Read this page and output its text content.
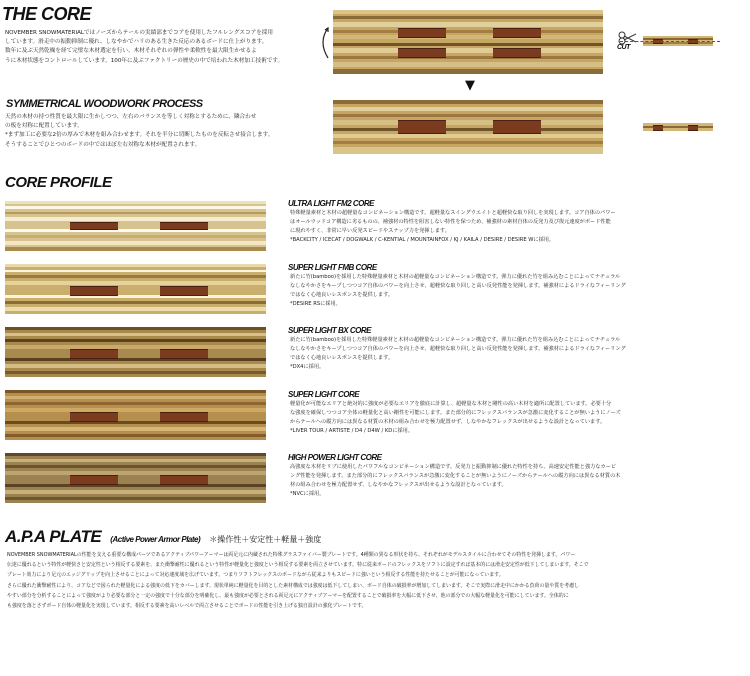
THE CORE
NOVEMBER SNOWMATERIALではノーズからテールの実績部までコアを使用したフルレングスコアを採用
しています。滑走中の振動抑制に優れ、しなやかでハリのある生きた反応のあるボードに仕上がります。
数年に及ぶ天然乾燥を経て完璧な木材選定を行い、木材それぞれの弾性や柔軟性を最大限生かせるよ
うに木材状態をコントロールしています。100年に及ぶファクトリーの歴史の中で培われた木材加工技術です。
CUT
▼
SYMMETRICAL WOODWORK PROCESS
天然の木材の持つ性質を最大限に生かしつつ、左右のバランスを等しく対称とするために、隣合わせ
の板を対称に配置しています。
*まず加工に必要な2倍の厚みで木材を組み合わせます。それを半分に切断したものを反転させ接合します。
そうすることでひとつのボードの中ではほぼ左右対称な木材が配置されます。
CORE PROFILE
ULTRA LIGHT FM2 CORE
特殊軽量素材と木材の超軽量なコンビネーション構造です。超軽量なスイングウエイトと超軽快な取り回しを実現します。コア自体のパワー
はオールウッドコア構造に劣るものの、補強材の特性を阻害しない特性を保つため、補強材の素材自体の反発力及び復元速度がボード性能
に現れやすく、非常に早い反発スピードやスナップ力を発揮します。
*BACKCITY / ICECAT / DOGWALK / C-KENTIAL / MOUNTAINFOX / KJ / KAILA / DESIRE / DESIRE Wに採用。
SUPER LIGHT FMB CORE
新たに竹(bamboo)を採用した特殊軽量素材と木材の超軽量なコンビネーション構造です。弾力に優れた竹を組み込むことによってナチュラル
なしなやかさをキープしつつコア自体のパワーを向上させ、超軽快な取り回しと高い反発性能を発揮します。補強材によるドライなフィーリング
ではなく心地良いレスポンスを提供します。
*DESIRE RSに採用。
SUPER LIGHT BX CORE
新たに竹(bamboo)を採用した特殊軽量素材と木材の超軽量なコンビネーション構造です。弾力に優れた竹を組み込むことによってナチュラル
なしなやかさをキープしつつコア自体のパワーを向上させ、超軽快な取り回しと高い反発性能を発揮します。補強材によるドライなフィーリング
ではなく心地良いレスポンスを提供します。
*DX4に採用。
SUPER LIGHT CORE
軽量化が可能なエリアと絶対的に強度が必要なエリアを徹底に計算し、超軽量な木材と剛性の高い木材を適所に配置しています。必要十分
な強度を確保しつつコア全体の軽量化と高い剛性を可能にします。また部分的にフレックスバランスが急激に変化することが無いようにノーズ
からテールへの縦方向には異なる材質の木材の組み合わせを極力配置せず、しなやかなフレックスが出せるような設計となっています。
*LIVER TOUR / ARTISTE / D4 / D4W / KDに採用。
HIGH POWER LIGHT CORE
高強度な木材をリブに使用したパワフルなコンビネーション構造です。反発力と振動抑制に優れた特性を持ち、高速安定性能と強力なカービ
ング性能を発揮します。また部分的にフレックスバランスが急激に変化することが無いようにノーズからテールへの縦方向には異なる材質の木
材の組み合わせを極力配置せず、しなやかなフレックスが出せるような設計となっています。
*NVCに採用。
A.P.A PLATE (Active Power Armor Plate) ＊操作性＋安定性＋軽量＋強度
NOVEMBER SNOWMATERIALの性能を支える重要な構成パーツであるアクティブパワーアーマーは両足元に内蔵された特殊グラスファイバー製プレートです。4種類の異なる形状を持ち、それぞれがモデルスタイルに合わせてその特性を発揮します。パワー
伝達に優れるという特性が軽快さと安定性という相反する要素を、また衝撃耐性に優れるという特性が軽量化と強度という相反する要素を両立させています。特に従来ボードのフレックスをソフトに設定すれば基本的には滑走安定性が低下してしまいます。そこで
プレート効力により足元のエッジグリップを向上させることによって対応速度域を広げています。つまりソフトフレックスのボードながら従来よりもスピードに強いという相反する性能を持たせることが可能になっています。
さらに優れた衝撃耐性により、コアなどで図られた軽量化による強度の低下をカバーします。現状単純に軽量化を目的とした素材構成では強度は低下してしまい、ボード自体の破損率が増加してしまいます。そこで実際に滑走中にかかる負荷の量や質を考慮し
やすい部分を分析することによって強度がより必要な部分と一定の強度で十分な部分を明確化し、最も強度が必要とされる両足元にアクティブアーマーを配置することで破損率を大幅に低下させ、他の部分での大幅な軽量化を可能にしています。全体的に
も強度を落とさずボード自体の軽量化を実現しています。相反する要素を高いレベルで両立させることでボードの性能を引き上げる独自設計の強化プレートです。
